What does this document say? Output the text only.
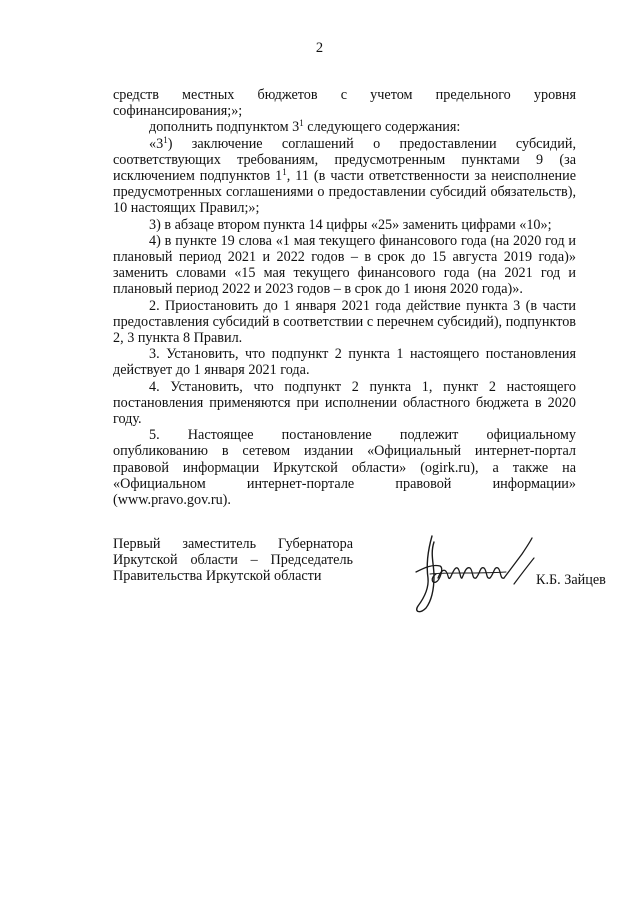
2

средств местных бюджетов с учетом предельного уровня софинансирования;»;

дополнить подпунктом $3^1$ следующего содержания:

«$3^1$) заключение соглашений о предоставлении субсидий, соответствующих требованиям, предусмотренным пунктами 9 (за исключением подпунктов $1^1$, 11 (в части ответственности за неисполнение предусмотренных соглашениями о предоставлении субсидий обязательств), 10 настоящих Правил;»;

3) в абзаце втором пункта 14 цифры «25» заменить цифрами «10»;

4) в пункте 19 слова «1 мая текущего финансового года (на 2020 год и плановый период 2021 и 2022 годов – в срок до 15 августа 2019 года)» заменить словами «15 мая текущего финансового года (на 2021 год и плановый период 2022 и 2023 годов – в срок до 1 июня 2020 года)».

2. Приостановить до 1 января 2021 года действие пункта 3 (в части предоставления субсидий в соответствии с перечнем субсидий), подпунктов 2, 3 пункта 8 Правил.

3. Установить, что подпункт 2 пункта 1 настоящего постановления действует до 1 января 2021 года.

4. Установить, что подпункт 2 пункта 1, пункт 2 настоящего постановления применяются при исполнении областного бюджета в 2020 году.

5. Настоящее постановление подлежит официальному опубликованию в сетевом издании «Официальный интернет-портал правовой информации Иркутской области» (ogirk.ru), а также на «Официальном интернет-портале правовой информации» (www.pravo.gov.ru).

Первый заместитель Губернатора
Иркутской области – Председатель
Правительства Иркутской области	К.Б. Зайцев
